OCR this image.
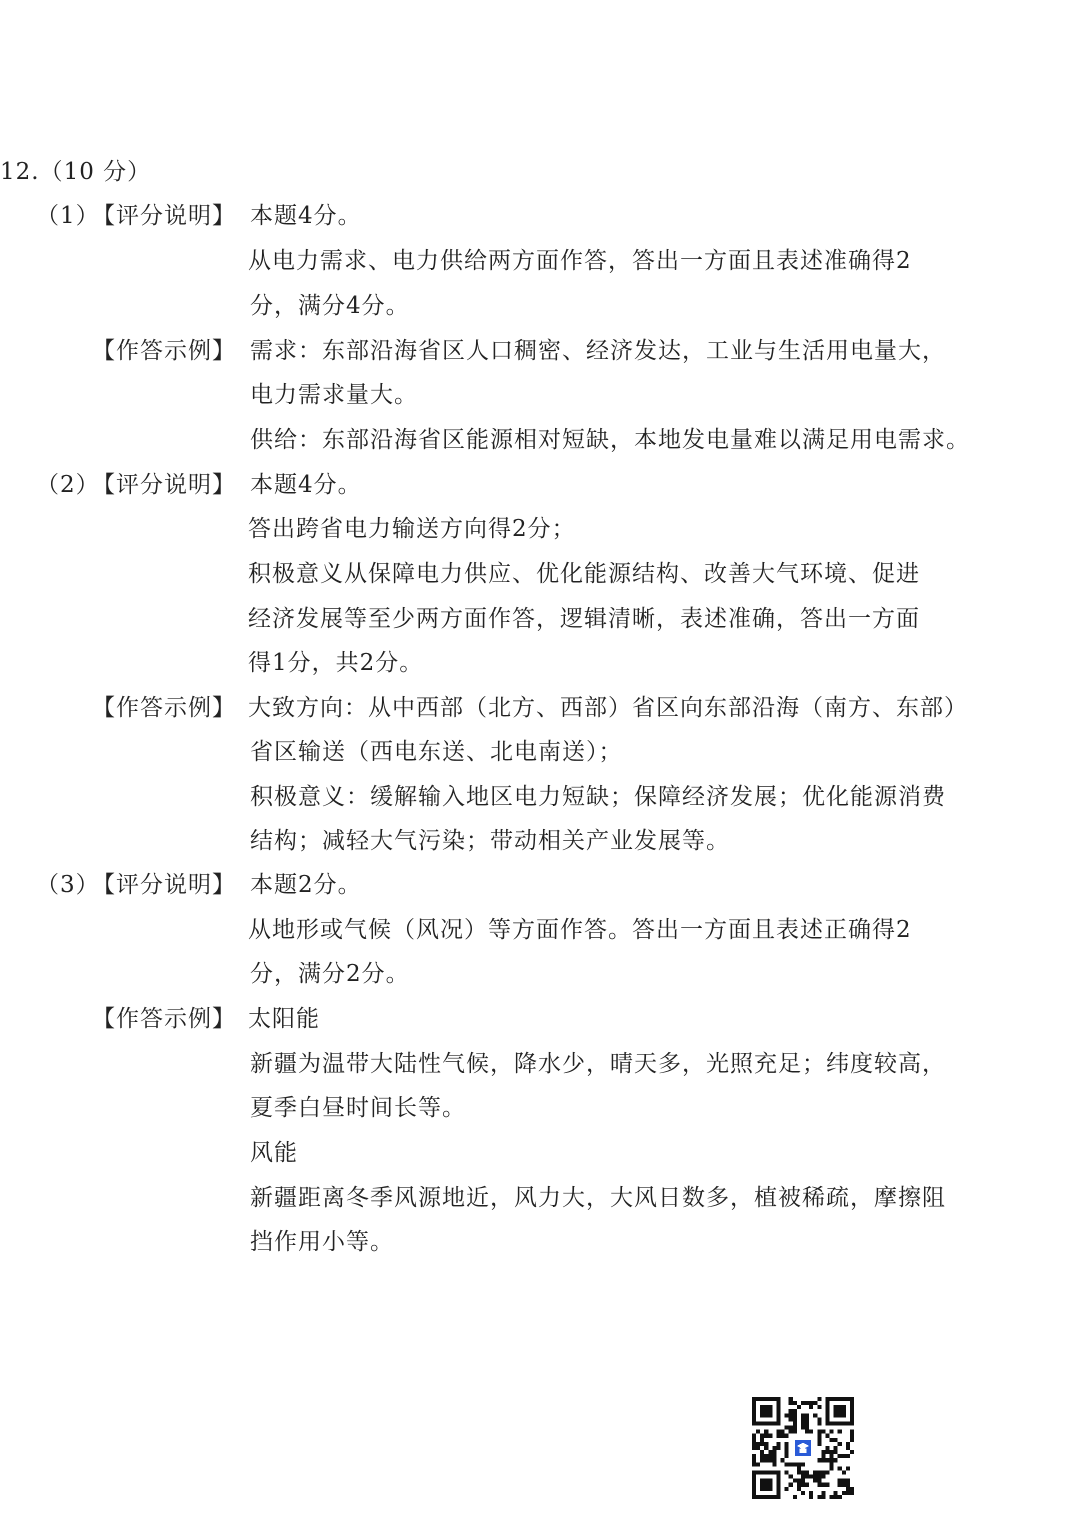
12.（10 分）
（1）
【评分说明】 本题4分。
从电力需求、电力供给两方面作答，答出一方面且表述准确得2
分，满分4分。
【作答示例】 需求：东部沿海省区人口稠密、经济发达，工业与生活用电量大，
电力需求量大。
供给：东部沿海省区能源相对短缺，本地发电量难以满足用电需求。
（2）
【评分说明】 本题4分。
答出跨省电力输送方向得2分；
积极意义从保障电力供应、优化能源结构、改善大气环境、促进
经济发展等至少两方面作答，逻辑清晰，表述准确，答出一方面
得1分，共2分。
【作答示例】 大致方向：从中西部（北方、西部）省区向东部沿海（南方、东部）
省区输送（西电东送、北电南送）；
积极意义：缓解输入地区电力短缺；保障经济发展；优化能源消费
结构；减轻大气污染；带动相关产业发展等。
（3）
【评分说明】 本题2分。
从地形或气候（风况）等方面作答。答出一方面且表述正确得2
分，满分2分。
【作答示例】 太阳能
新疆为温带大陆性气候，降水少，晴天多，光照充足；纬度较高，
夏季白昼时间长等。
风能
新疆距离冬季风源地近，风力大，大风日数多，植被稀疏，摩擦阻
挡作用小等。
